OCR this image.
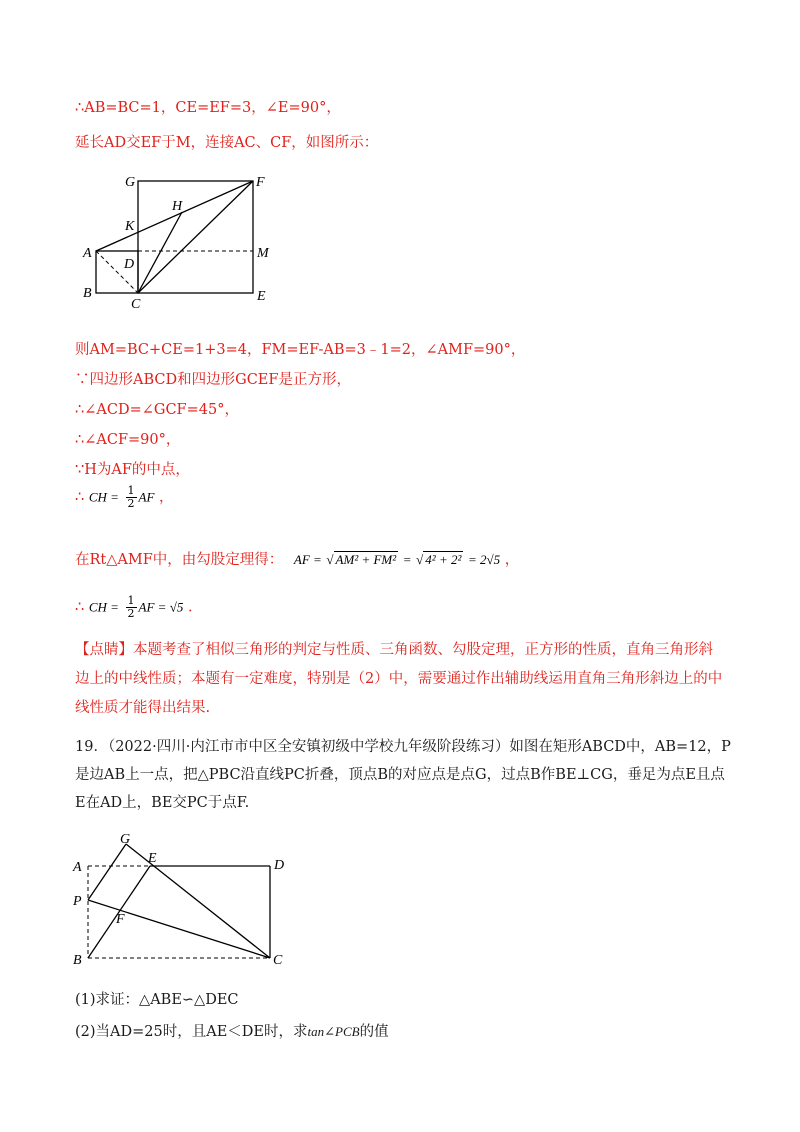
∴AB=BC=1，CE=EF=3，∠E=90°，
延长AD交EF于M，连接AC、CF，如图所示：
G	F
H
K
A
D
M
B
C
E
则AM=BC+CE=1+3=4，FM=EF-AB=3﹣1=2，∠AMF=90°，
∵四边形ABCD和四边形GCEF是正方形，
∴∠ACD=∠GCF=45°，
∴∠ACF=90°，
∵H为AF的中点，
∴ CH = $\frac{1}{2}$ AF ，
在Rt△AMF中，由勾股定理得： AF = √ AM² + FM² = √ 4² + 2² = 2√5 ，
∴ CH = $\frac{1}{2}$ AF = √5 .
【点睛】本题考查了相似三角形的判定与性质、三角函数、勾股定理，正方形的性质，直角三角形斜边上的中线性质；本题有一定难度，特别是（2）中，需要通过作出辅助线运用直角三角形斜边上的中线性质才能得出结果.
19．（2022·四川·内江市市中区全安镇初级中学校九年级阶段练习）如图在矩形ABCD中，AB=12，P是边AB上一点，把△PBC沿直线PC折叠，顶点B的对应点是点G，过点B作BE⊥CG，垂足为点E且点E在AD上，BE交PC于点F.
G
E
A	D
P
F
B	C
(1)求证：△ABE∽△DEC
(2)当AD=25时，且AE＜DE时，求tan∠PCB的值
